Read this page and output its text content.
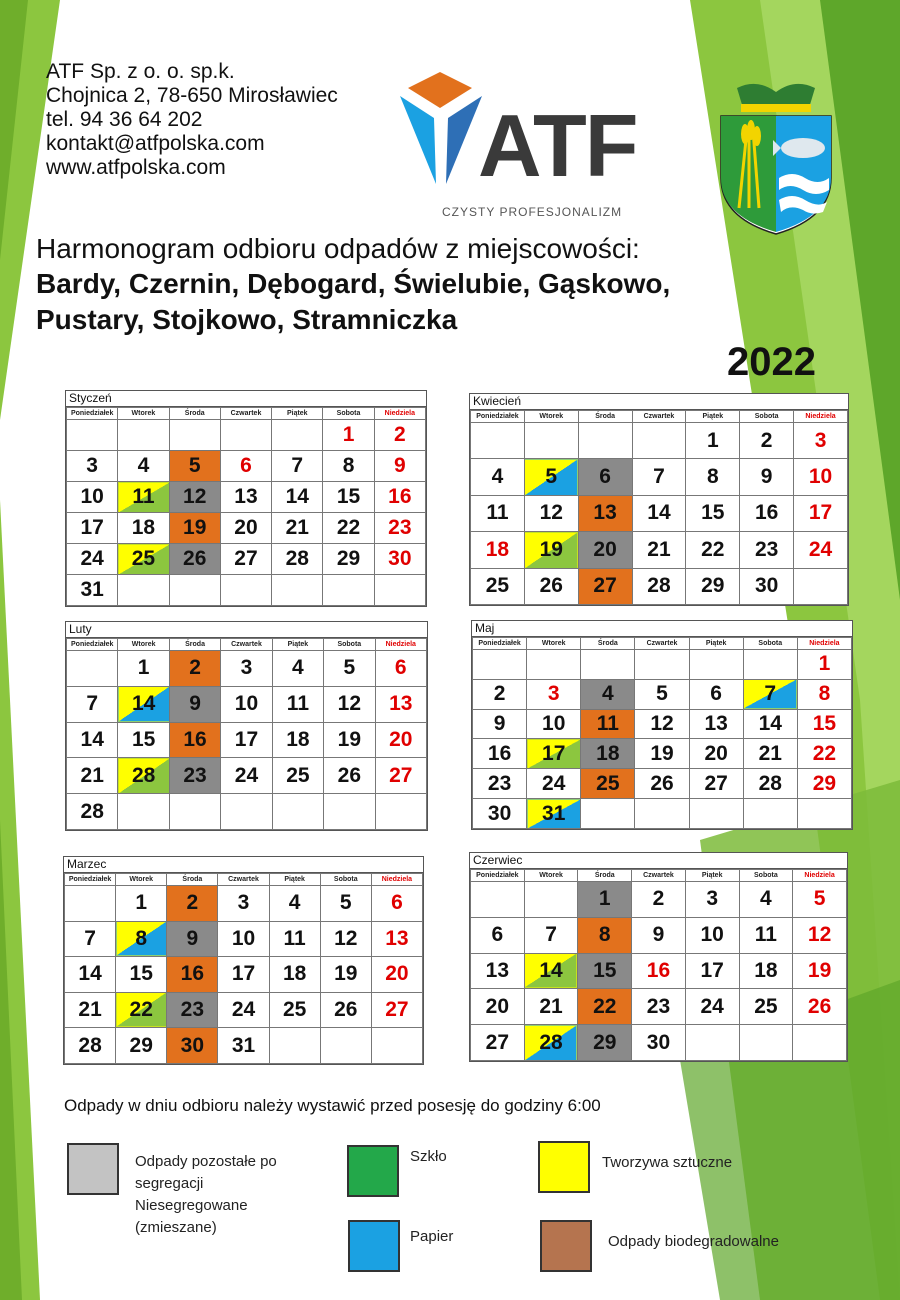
ATF Sp. z o. o. sp.k.
Chojnica 2, 78-650 Mirosławiec
tel. 94 36 64 202
kontakt@atfpolska.com
www.atfpolska.com	ATF
CZYSTY PROFESJONALIZM
Harmonogram odbioru odpadów z miejscowości:
Bardy, Czernin, Dębogard, Świelubie, Gąskowo,
Pustary, Stojkowo, Stramniczka
2022
Styczeń
Poniedziałek	Wtorek	Środa	Czwartek	Piątek	Sobota	Niedziela
					1	2
3	4	5	6	7	8	9
10	11	12	13	14	15	16
17	18	19	20	21	22	23
24	25	26	27	28	29	30
31						
Kwiecień
Poniedziałek	Wtorek	Środa	Czwartek	Piątek	Sobota	Niedziela
				1	2	3
4	5	6	7	8	9	10
11	12	13	14	15	16	17
18	19	20	21	22	23	24
25	26	27	28	29	30	
Luty
Poniedziałek	Wtorek	Środa	Czwartek	Piątek	Sobota	Niedziela
	1	2	3	4	5	6
7	14	9	10	11	12	13
14	15	16	17	18	19	20
21	28	23	24	25	26	27
28						
Maj
Poniedziałek	Wtorek	Środa	Czwartek	Piątek	Sobota	Niedziela
						1
2	3	4	5	6	7	8
9	10	11	12	13	14	15
16	17	18	19	20	21	22
23	24	25	26	27	28	29
30	31					
Marzec
Poniedziałek	Wtorek	Środa	Czwartek	Piątek	Sobota	Niedziela
	1	2	3	4	5	6
7	8	9	10	11	12	13
14	15	16	17	18	19	20
21	22	23	24	25	26	27
28	29	30	31			
Czerwiec
Poniedziałek	Wtorek	Środa	Czwartek	Piątek	Sobota	Niedziela
		1	2	3	4	5
6	7	8	9	10	11	12
13	14	15	16	17	18	19
20	21	22	23	24	25	26
27	28	29	30			
Odpady w dniu odbioru należy wystawić przed posesję do godziny 6:00
Odpady pozostałe po
segregacji
Niesegregowane
(zmieszane)
Szkło	Tworzywa sztuczne
Papier	Odpady biodegradowalne
